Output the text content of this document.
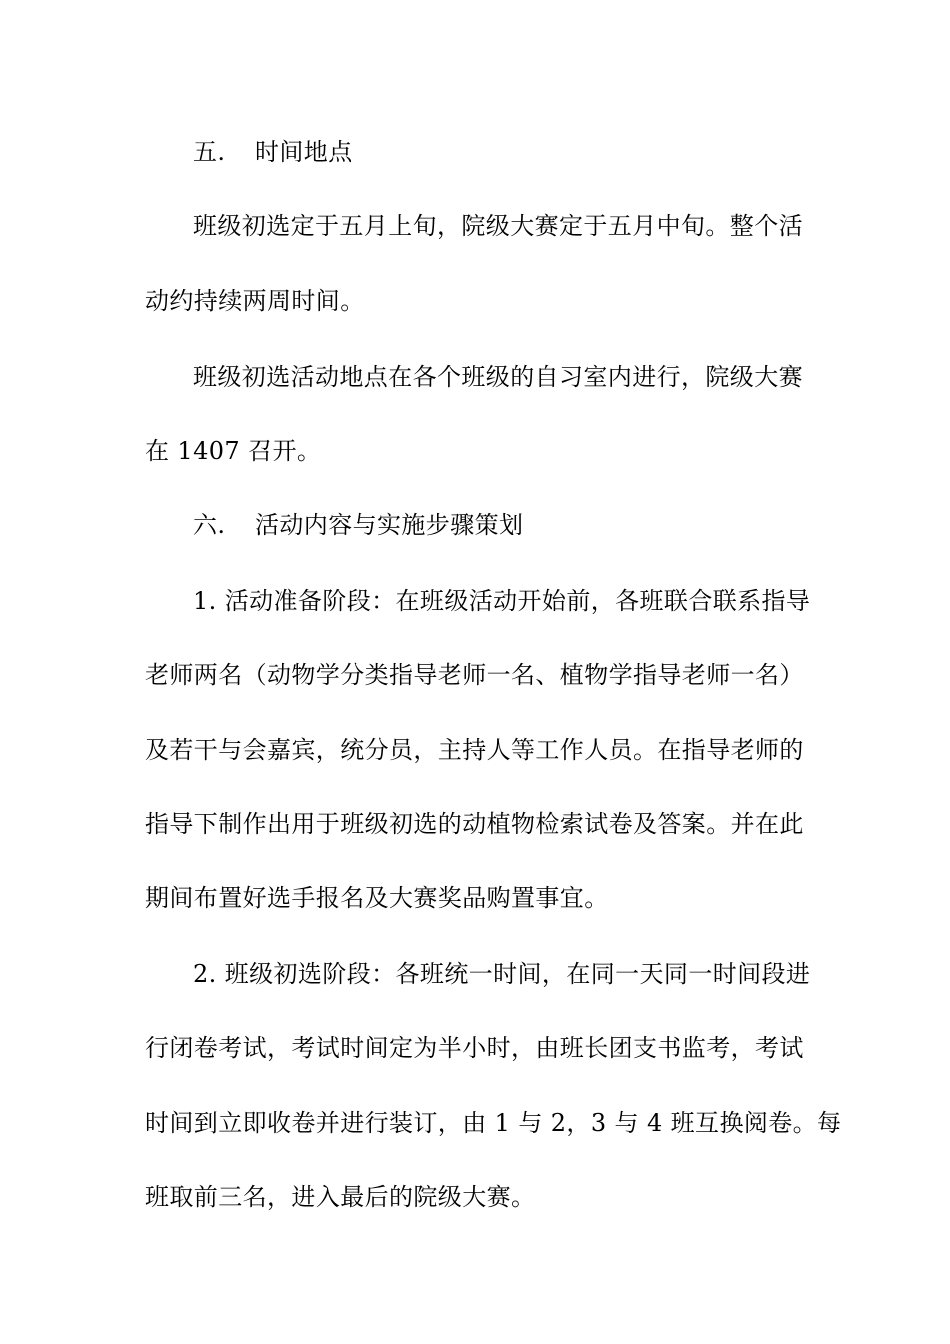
五. 时间地点
班级初选定于五月上旬，院级大赛定于五月中旬。整个活
动约持续两周时间。
班级初选活动地点在各个班级的自习室内进行，院级大赛
在 1407 召开。
六. 活动内容与实施步骤策划
1. 活动准备阶段：在班级活动开始前，各班联合联系指导
老师两名（动物学分类指导老师一名、植物学指导老师一名）
及若干与会嘉宾，统分员，主持人等工作人员。在指导老师的
指导下制作出用于班级初选的动植物检索试卷及答案。并在此
期间布置好选手报名及大赛奖品购置事宜。
2. 班级初选阶段：各班统一时间，在同一天同一时间段进
行闭卷考试，考试时间定为半小时，由班长团支书监考，考试
时间到立即收卷并进行装订，由 1 与 2，3 与 4 班互换阅卷。每
班取前三名，进入最后的院级大赛。
